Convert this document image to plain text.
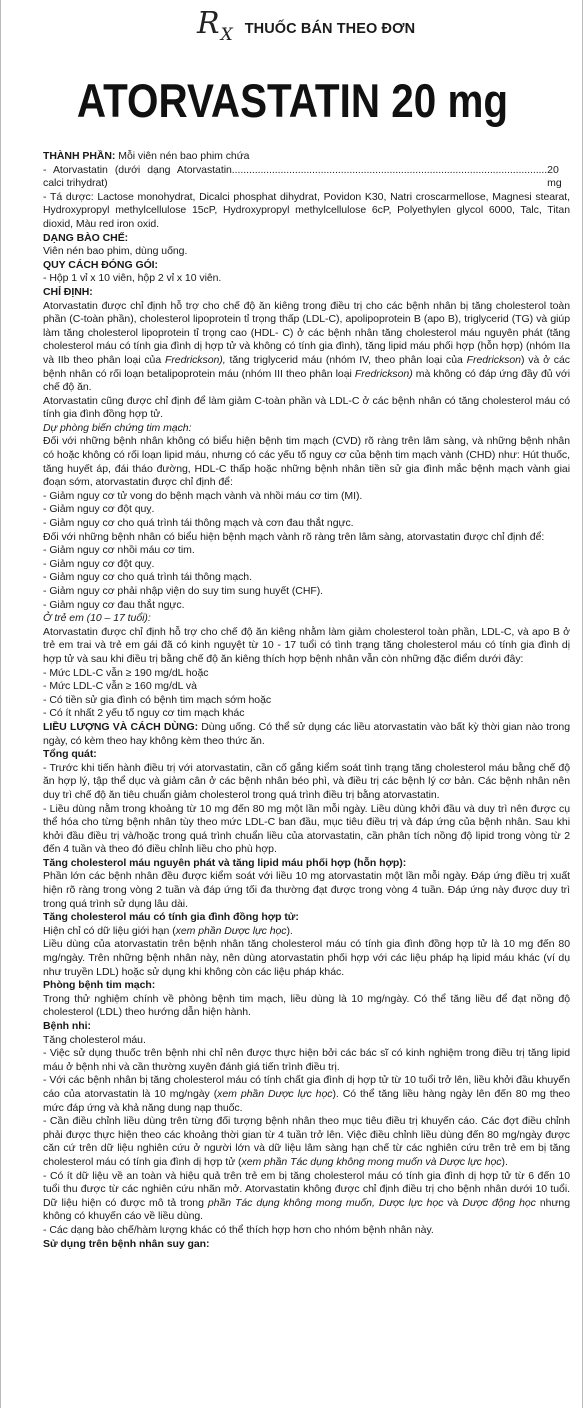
$R_X$ THUỐC BÁN THEO ĐƠN
ATORVASTATIN 20 mg

THÀNH PHẦN: Mỗi viên nén bao phim chứa

- Atorvastatin (dưới dạng Atorvastatin calci trihydrat)
.............................................................................................................. 20 mg

- Tá dược: Lactose monohydrat, Dicalci phosphat dihydrat, Povidon K30, Natri croscarmellose, Magnesi stearat, Hydroxypropyl methylcellulose 15cP, Hydroxypropyl methylcellulose 6cP, Polyethylen glycol 6000, Talc, Titan dioxid, Màu red iron oxid.

DẠNG BÀO CHẾ:

Viên nén bao phim, dùng uống.

QUY CÁCH ĐÓNG GÓI:

- Hộp 1 vỉ x 10 viên, hộp 2 vỉ x 10 viên.

CHỈ ĐỊNH:

Atorvastatin được chỉ định hỗ trợ cho chế độ ăn kiêng trong điều trị cho các bệnh nhân bị tăng cholesterol toàn phần (C-toàn phần), cholesterol lipoprotein tỉ trọng thấp (LDL-C), apolipoprotein B (apo B), triglycerid (TG) và giúp làm tăng cholesterol lipoprotein tỉ trọng cao (HDL- C) ở các bệnh nhân tăng cholesterol máu nguyên phát (tăng cholesterol máu có tính gia đình dị hợp tử và không có tính gia đình), tăng lipid máu phối hợp (hỗn hợp) (nhóm IIa và IIb theo phân loại của Fredrickson), tăng triglycerid máu (nhóm IV, theo phân loại của Fredrickson) và ở các bệnh nhân có rối loạn betalipoprotein máu (nhóm III theo phân loại Fredrickson) mà không có đáp ứng đầy đủ với chế độ ăn.

Atorvastatin cũng được chỉ định để làm giảm C-toàn phần và LDL-C ở các bệnh nhân có tăng cholesterol máu có tính gia đình đồng hợp tử.

Dự phòng biến chứng tim mạch:

Đối với những bệnh nhân không có biểu hiện bệnh tim mạch (CVD) rõ ràng trên lâm sàng, và những bệnh nhân có hoặc không có rối loạn lipid máu, nhưng có các yếu tố nguy cơ của bệnh tim mạch vành (CHD) như: Hút thuốc, tăng huyết áp, đái tháo đường, HDL-C thấp hoặc những bệnh nhân tiền sử gia đình mắc bệnh mạch vành giai đoạn sớm, atorvastatin được chỉ định để:

- Giảm nguy cơ tử vong do bệnh mạch vành và nhồi máu cơ tim (MI).

- Giảm nguy cơ đột quỵ.

- Giảm nguy cơ cho quá trình tái thông mạch và cơn đau thắt ngực.

Đối với những bệnh nhân có biểu hiện bệnh mạch vành rõ ràng trên lâm sàng, atorvastatin được chỉ định để:

- Giảm nguy cơ nhồi máu cơ tim.

- Giảm nguy cơ đột quỵ.

- Giảm nguy cơ cho quá trình tái thông mạch.

- Giảm nguy cơ phải nhập viện do suy tim sung huyết (CHF).

- Giảm nguy cơ đau thắt ngực.

Ở trẻ em (10 – 17 tuổi):

Atorvastatin được chỉ định hỗ trợ cho chế độ ăn kiêng nhằm làm giảm cholesterol toàn phần, LDL-C, và apo B ở trẻ em trai và trẻ em gái đã có kinh nguyệt từ 10 - 17 tuổi có tình trạng tăng cholesterol máu có tính gia đình dị hợp tử và sau khi điều trị bằng chế độ ăn kiêng thích hợp bệnh nhân vẫn còn những đặc điểm dưới đây:

- Mức LDL-C vẫn ≥ 190 mg/dL hoặc

- Mức LDL-C vẫn ≥ 160 mg/dL và

- Có tiền sử gia đình có bệnh tim mạch sớm hoặc

- Có ít nhất 2 yếu tố nguy cơ tim mạch khác

LIỀU LƯỢNG VÀ CÁCH DÙNG: Dùng uống. Có thể sử dụng các liều atorvastatin vào bất kỳ thời gian nào trong ngày, có kèm theo hay không kèm theo thức ăn.

Tổng quát:

- Trước khi tiến hành điều trị với atorvastatin, cần cố gắng kiểm soát tình trạng tăng cholesterol máu bằng chế độ ăn hợp lý, tập thể dục và giảm cân ở các bệnh nhân béo phì, và điều trị các bệnh lý cơ bản. Các bệnh nhân nên duy trì chế độ ăn tiêu chuẩn giảm cholesterol trong quá trình điều trị bằng atorvastatin.

- Liều dùng nằm trong khoảng từ 10 mg đến 80 mg một lần mỗi ngày. Liều dùng khởi đầu và duy trì nên được cụ thể hóa cho từng bệnh nhân tùy theo mức LDL-C ban đầu, mục tiêu điều trị và đáp ứng của bệnh nhân. Sau khi khởi đầu điều trị và/hoặc trong quá trình chuẩn liều của atorvastatin, cần phân tích nồng độ lipid trong vòng từ 2 đến 4 tuần và theo đó điều chỉnh liều cho phù hợp.

Tăng cholesterol máu nguyên phát và tăng lipid máu phối hợp (hỗn hợp):

Phần lớn các bệnh nhân đều được kiểm soát với liều 10 mg atorvastatin một lần mỗi ngày. Đáp ứng điều trị xuất hiện rõ ràng trong vòng 2 tuần và đáp ứng tối đa thường đạt được trong vòng 4 tuần. Đáp ứng này được duy trì trong quá trình sử dụng lâu dài.

Tăng cholesterol máu có tính gia đình đồng hợp tử:

Hiện chỉ có dữ liệu giới hạn (xem phần Dược lực học).

Liều dùng của atorvastatin trên bệnh nhân tăng cholesterol máu có tính gia đình đồng hợp tử là 10 mg đến 80 mg/ngày. Trên những bệnh nhân này, nên dùng atorvastatin phối hợp với các liệu pháp hạ lipid máu khác (ví dụ như truyền LDL) hoặc sử dụng khi không còn các liệu pháp khác.

Phòng bệnh tim mạch:

Trong thử nghiệm chính về phòng bệnh tim mạch, liều dùng là 10 mg/ngày. Có thể tăng liều để đạt nồng độ cholesterol (LDL) theo hướng dẫn hiện hành.

Bệnh nhi:

Tăng cholesterol máu.

- Việc sử dụng thuốc trên bệnh nhi chỉ nên được thực hiện bởi các bác sĩ có kinh nghiệm trong điều trị tăng lipid máu ở bệnh nhi và cần thường xuyên đánh giá tiến trình điều trị.

- Với các bệnh nhân bị tăng cholesterol máu có tính chất gia đình dị hợp tử từ 10 tuổi trở lên, liều khởi đầu khuyến cáo của atorvastatin là 10 mg/ngày (xem phần Dược lực học). Có thể tăng liều hàng ngày lên đến 80 mg theo mức đáp ứng và khả năng dung nạp thuốc.

- Cần điều chỉnh liều dùng trên từng đối tượng bệnh nhân theo mục tiêu điều trị khuyến cáo. Các đợt điều chỉnh phải được thực hiện theo các khoảng thời gian từ 4 tuần trở lên. Việc điều chỉnh liều dùng đến 80 mg/ngày được căn cứ trên dữ liệu nghiên cứu ở người lớn và dữ liệu lâm sàng hạn chế từ các nghiên cứu trên trẻ em bị tăng cholesterol máu có tính gia đình dị hợp tử (xem phần Tác dụng không mong muốn và Dược lực học).

- Có ít dữ liệu về an toàn và hiệu quả trên trẻ em bị tăng cholesterol máu có tính gia đình dị hợp tử từ 6 đến 10 tuổi thu được từ các nghiên cứu nhãn mở. Atorvastatin không được chỉ định điều trị cho bệnh nhân dưới 10 tuổi. Dữ liệu hiện có được mô tả trong phần Tác dụng không mong muốn, Dược lực học và Dược động học nhưng không có khuyến cáo về liều dùng.

- Các dạng bào chế/hàm lượng khác có thể thích hợp hơn cho nhóm bệnh nhân này.

Sử dụng trên bệnh nhân suy gan:
